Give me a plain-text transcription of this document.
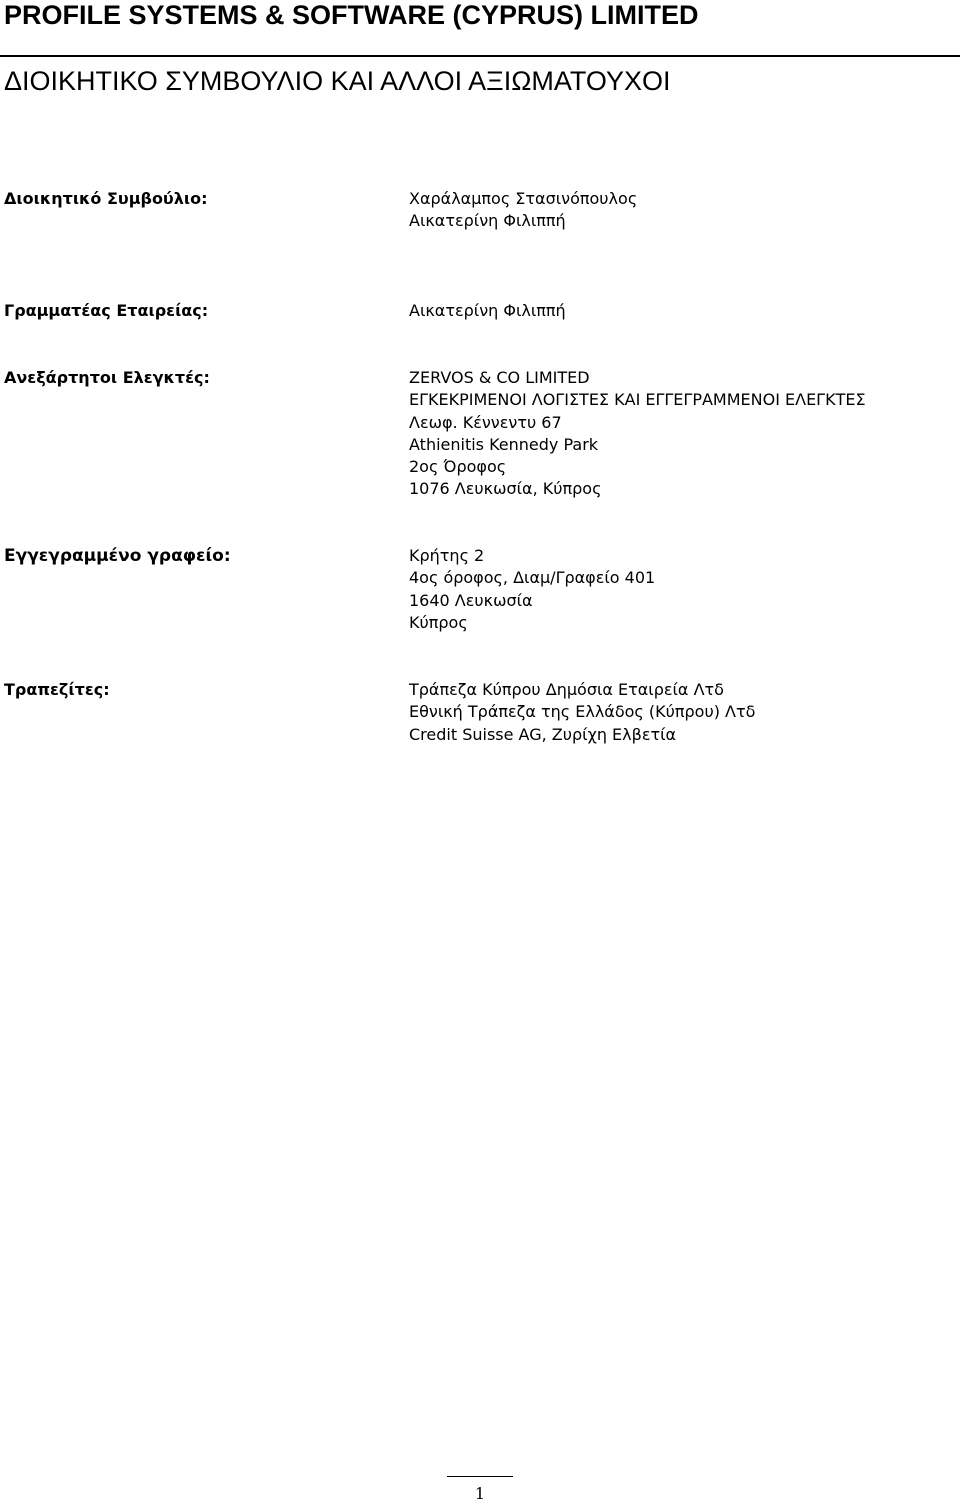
PROFILE SYSTEMS & SOFTWARE (CYPRUS) LIMITED
ΔΙΟΙΚΗΤΙΚΟ ΣΥΜΒΟΥΛΙΟ ΚΑΙ ΑΛΛΟΙ ΑΞΙΩΜΑΤΟΥΧΟΙ
Διοικητικό Συμβούλιο:	Χαράλαμπος Στασινόπουλος
Αικατερίνη Φιλιππή
Γραμματέας Εταιρείας:	Αικατερίνη Φιλιππή
Ανεξάρτητοι Ελεγκτές:	ZERVOS & CO LIMITED
ΕΓΚΕΚΡΙΜΕΝΟΙ ΛΟΓΙΣΤΕΣ ΚΑΙ ΕΓΓΕΓΡΑΜΜΕΝΟΙ ΕΛΕΓΚΤΕΣ
Λεωφ. Κέννεντυ 67
Athienitis Kennedy Park
2ος Όροφος
1076 Λευκωσία, Κύπρος
Εγγεγραμμένο γραφείο:	Κρήτης 2
4ος όροφος, Διαμ/Γραφείο 401
1640 Λευκωσία
Κύπρος
Τραπεζίτες:	Τράπεζα Κύπρου Δημόσια Εταιρεία Λτδ
Εθνική Τράπεζα της Ελλάδος (Κύπρου) Λτδ
Credit Suisse AG, Ζυρίχη Ελβετία
1
